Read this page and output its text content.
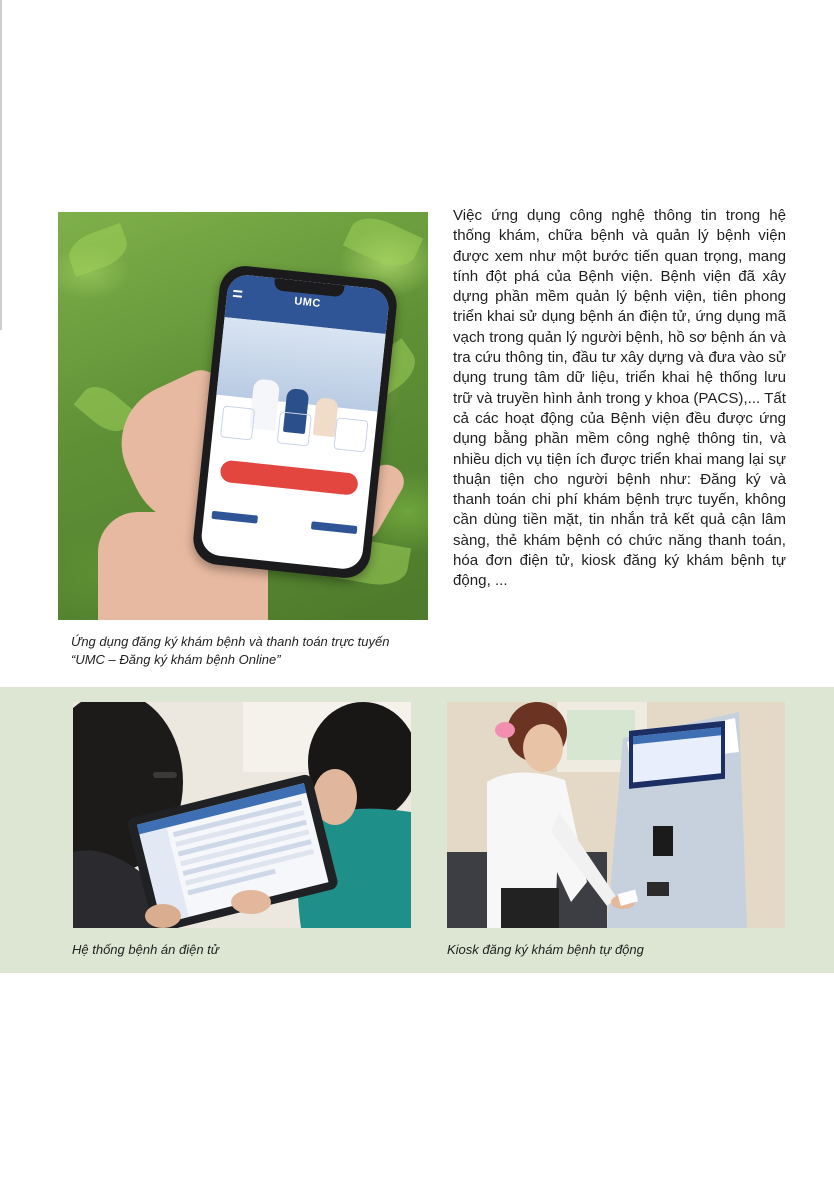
UMC

Việc ứng dụng công nghệ thông tin trong hệ thống khám, chữa bệnh và quản lý bệnh viện được xem như một bước tiến quan trọng, mang tính đột phá của Bệnh viện. Bệnh viện đã xây dựng phần mềm quản lý bệnh viện, tiên phong triển khai sử dụng bệnh án điện tử, ứng dụng mã vạch trong quản lý người bệnh, hồ sơ bệnh án và tra cứu thông tin, đầu tư xây dựng và đưa vào sử dụng trung tâm dữ liệu, triển khai hệ thống lưu trữ và truyền hình ảnh trong y khoa (PACS),... Tất cả các hoạt động của Bệnh viện đều được ứng dụng bằng phần mềm công nghệ thông tin, và nhiều dịch vụ tiện ích được triển khai mang lại sự thuận tiện cho người bệnh như: Đăng ký và thanh toán chi phí khám bệnh trực tuyến, không cần dùng tiền mặt, tin nhắn trả kết quả cận lâm sàng, thẻ khám bệnh có chức năng thanh toán, hóa đơn điện tử, kiosk đăng ký khám bệnh tự động, ...

Ứng dụng đăng ký khám bệnh và thanh toán trực tuyến
“UMC – Đăng ký khám bệnh Online”
Hệ thống bệnh án điện tử	Kiosk đăng ký khám bệnh tự động
